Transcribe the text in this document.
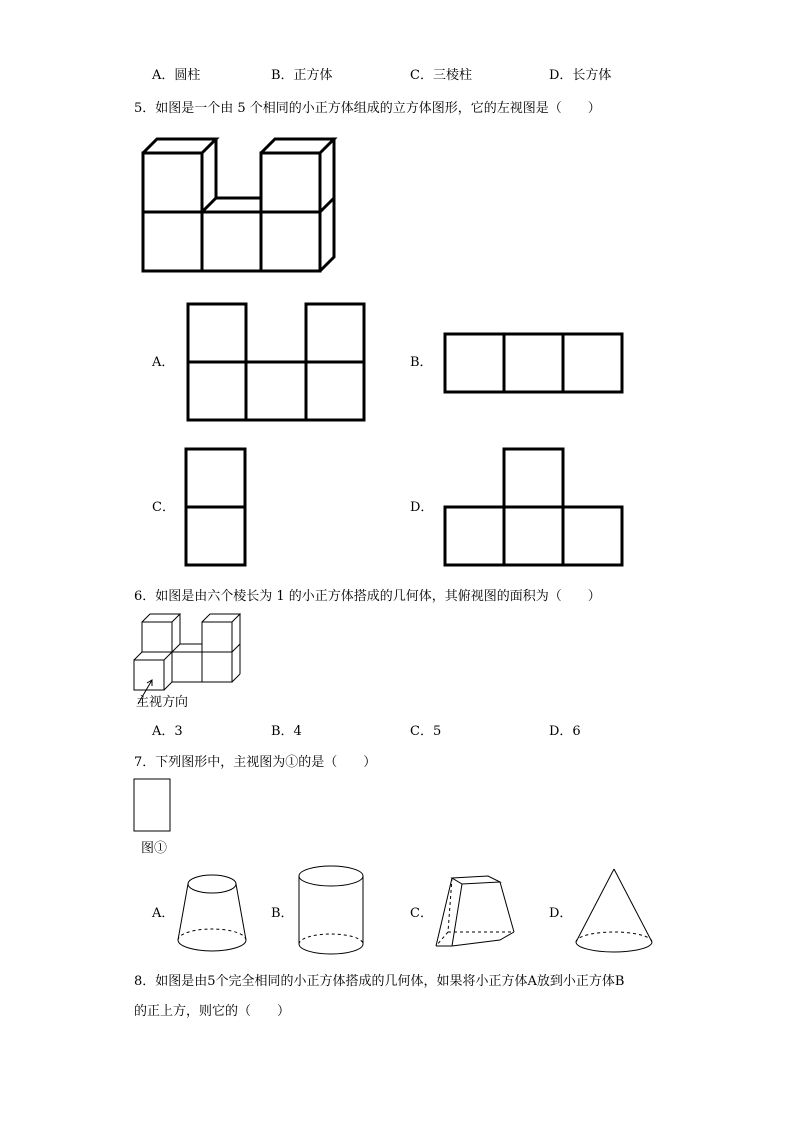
A．圆柱	B．正方体	C．三棱柱	D．长方体
5．如图是一个由 5 个相同的小正方体组成的立方体图形，它的左视图是（　　）
A．	B．
C．	D．
6．如图是由六个棱长为 1 的小正方体搭成的几何体，其俯视图的面积为（　　）
主视方向
A．3	B．4	C．5	D．6
7．下列图形中，主视图为①的是（　　）
图①
A．	B．	C．	D．
8．如图是由5个完全相同的小正方体搭成的几何体，如果将小正方体A放到小正方体B
的正上方，则它的（　　）
